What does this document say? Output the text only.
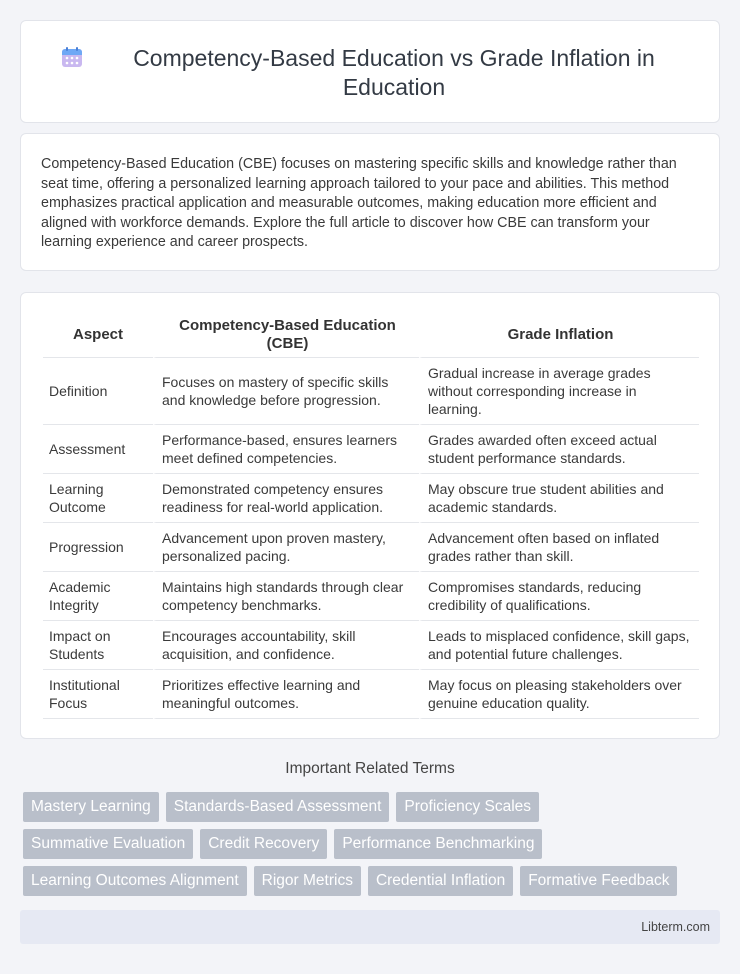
Competency-Based Education vs Grade Inflation in Education

Competency-Based Education (CBE) focuses on mastering specific skills and knowledge rather than seat time, offering a personalized learning approach tailored to your pace and abilities. This method emphasizes practical application and measurable outcomes, making education more efficient and aligned with workforce demands. Explore the full article to discover how CBE can transform your learning experience and career prospects.

Aspect	Competency-Based Education (CBE)	Grade Inflation
Definition	Focuses on mastery of specific skills and knowledge before progression.	Gradual increase in average grades without corresponding increase in learning.
Assessment	Performance-based, ensures learners meet defined competencies.	Grades awarded often exceed actual student performance standards.
Learning Outcome	Demonstrated competency ensures readiness for real-world application.	May obscure true student abilities and academic standards.
Progression	Advancement upon proven mastery, personalized pacing.	Advancement often based on inflated grades rather than skill.
Academic Integrity	Maintains high standards through clear competency benchmarks.	Compromises standards, reducing credibility of qualifications.
Impact on Students	Encourages accountability, skill acquisition, and confidence.	Leads to misplaced confidence, skill gaps, and potential future challenges.
Institutional Focus	Prioritizes effective learning and meaningful outcomes.	May focus on pleasing stakeholders over genuine education quality.
Important Related Terms
Mastery Learning	Standards-Based Assessment	Proficiency Scales
Summative Evaluation	Credit Recovery	Performance Benchmarking
Learning Outcomes Alignment	Rigor Metrics	Credential Inflation	Formative Feedback
Libterm.com
